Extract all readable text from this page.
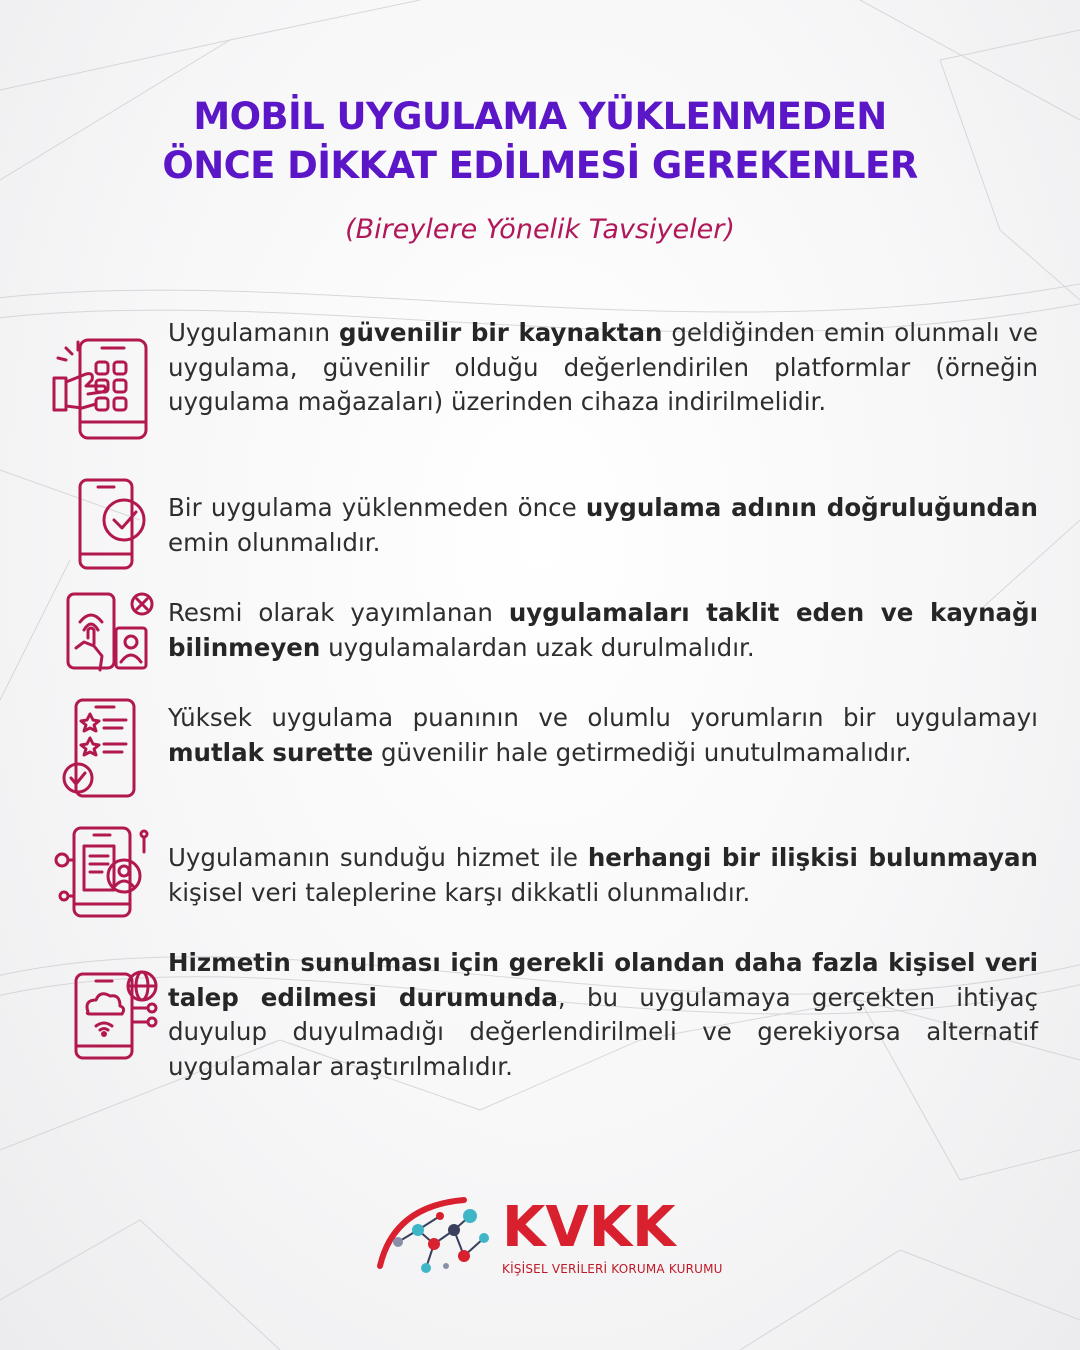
MOBİL UYGULAMA YÜKLENMEDEN
ÖNCE DİKKAT EDİLMESİ GEREKENLER
(Bireylere Yönelik Tavsiyeler)
Uygulamanın güvenilir bir kaynaktan geldiğinden emin olunmalı ve uygulama, güvenilir olduğu değerlendirilen platformlar (örneğin uygulama mağazaları) üzerinden cihaza indirilmelidir.
Bir uygulama yüklenmeden önce uygulama adının doğruluğundan emin olunmalıdır.
Resmi olarak yayımlanan uygulamaları taklit eden ve kaynağı bilinmeyen uygulamalardan uzak durulmalıdır.
Yüksek uygulama puanının ve olumlu yorumların bir uygulamayı mutlak surette güvenilir hale getirmediği unutulmamalıdır.
Uygulamanın sunduğu hizmet ile herhangi bir ilişkisi bulunmayan kişisel veri taleplerine karşı dikkatli olunmalıdır.
Hizmetin sunulması için gerekli olandan daha fazla kişisel veri talep edilmesi durumunda, bu uygulamaya gerçekten ihtiyaç duyulup duyulmadığı değerlendirilmeli ve gerekiyorsa alternatif uygulamalar araştırılmalıdır.
KVKK
KİŞİSEL VERİLERİ KORUMA KURUMU
